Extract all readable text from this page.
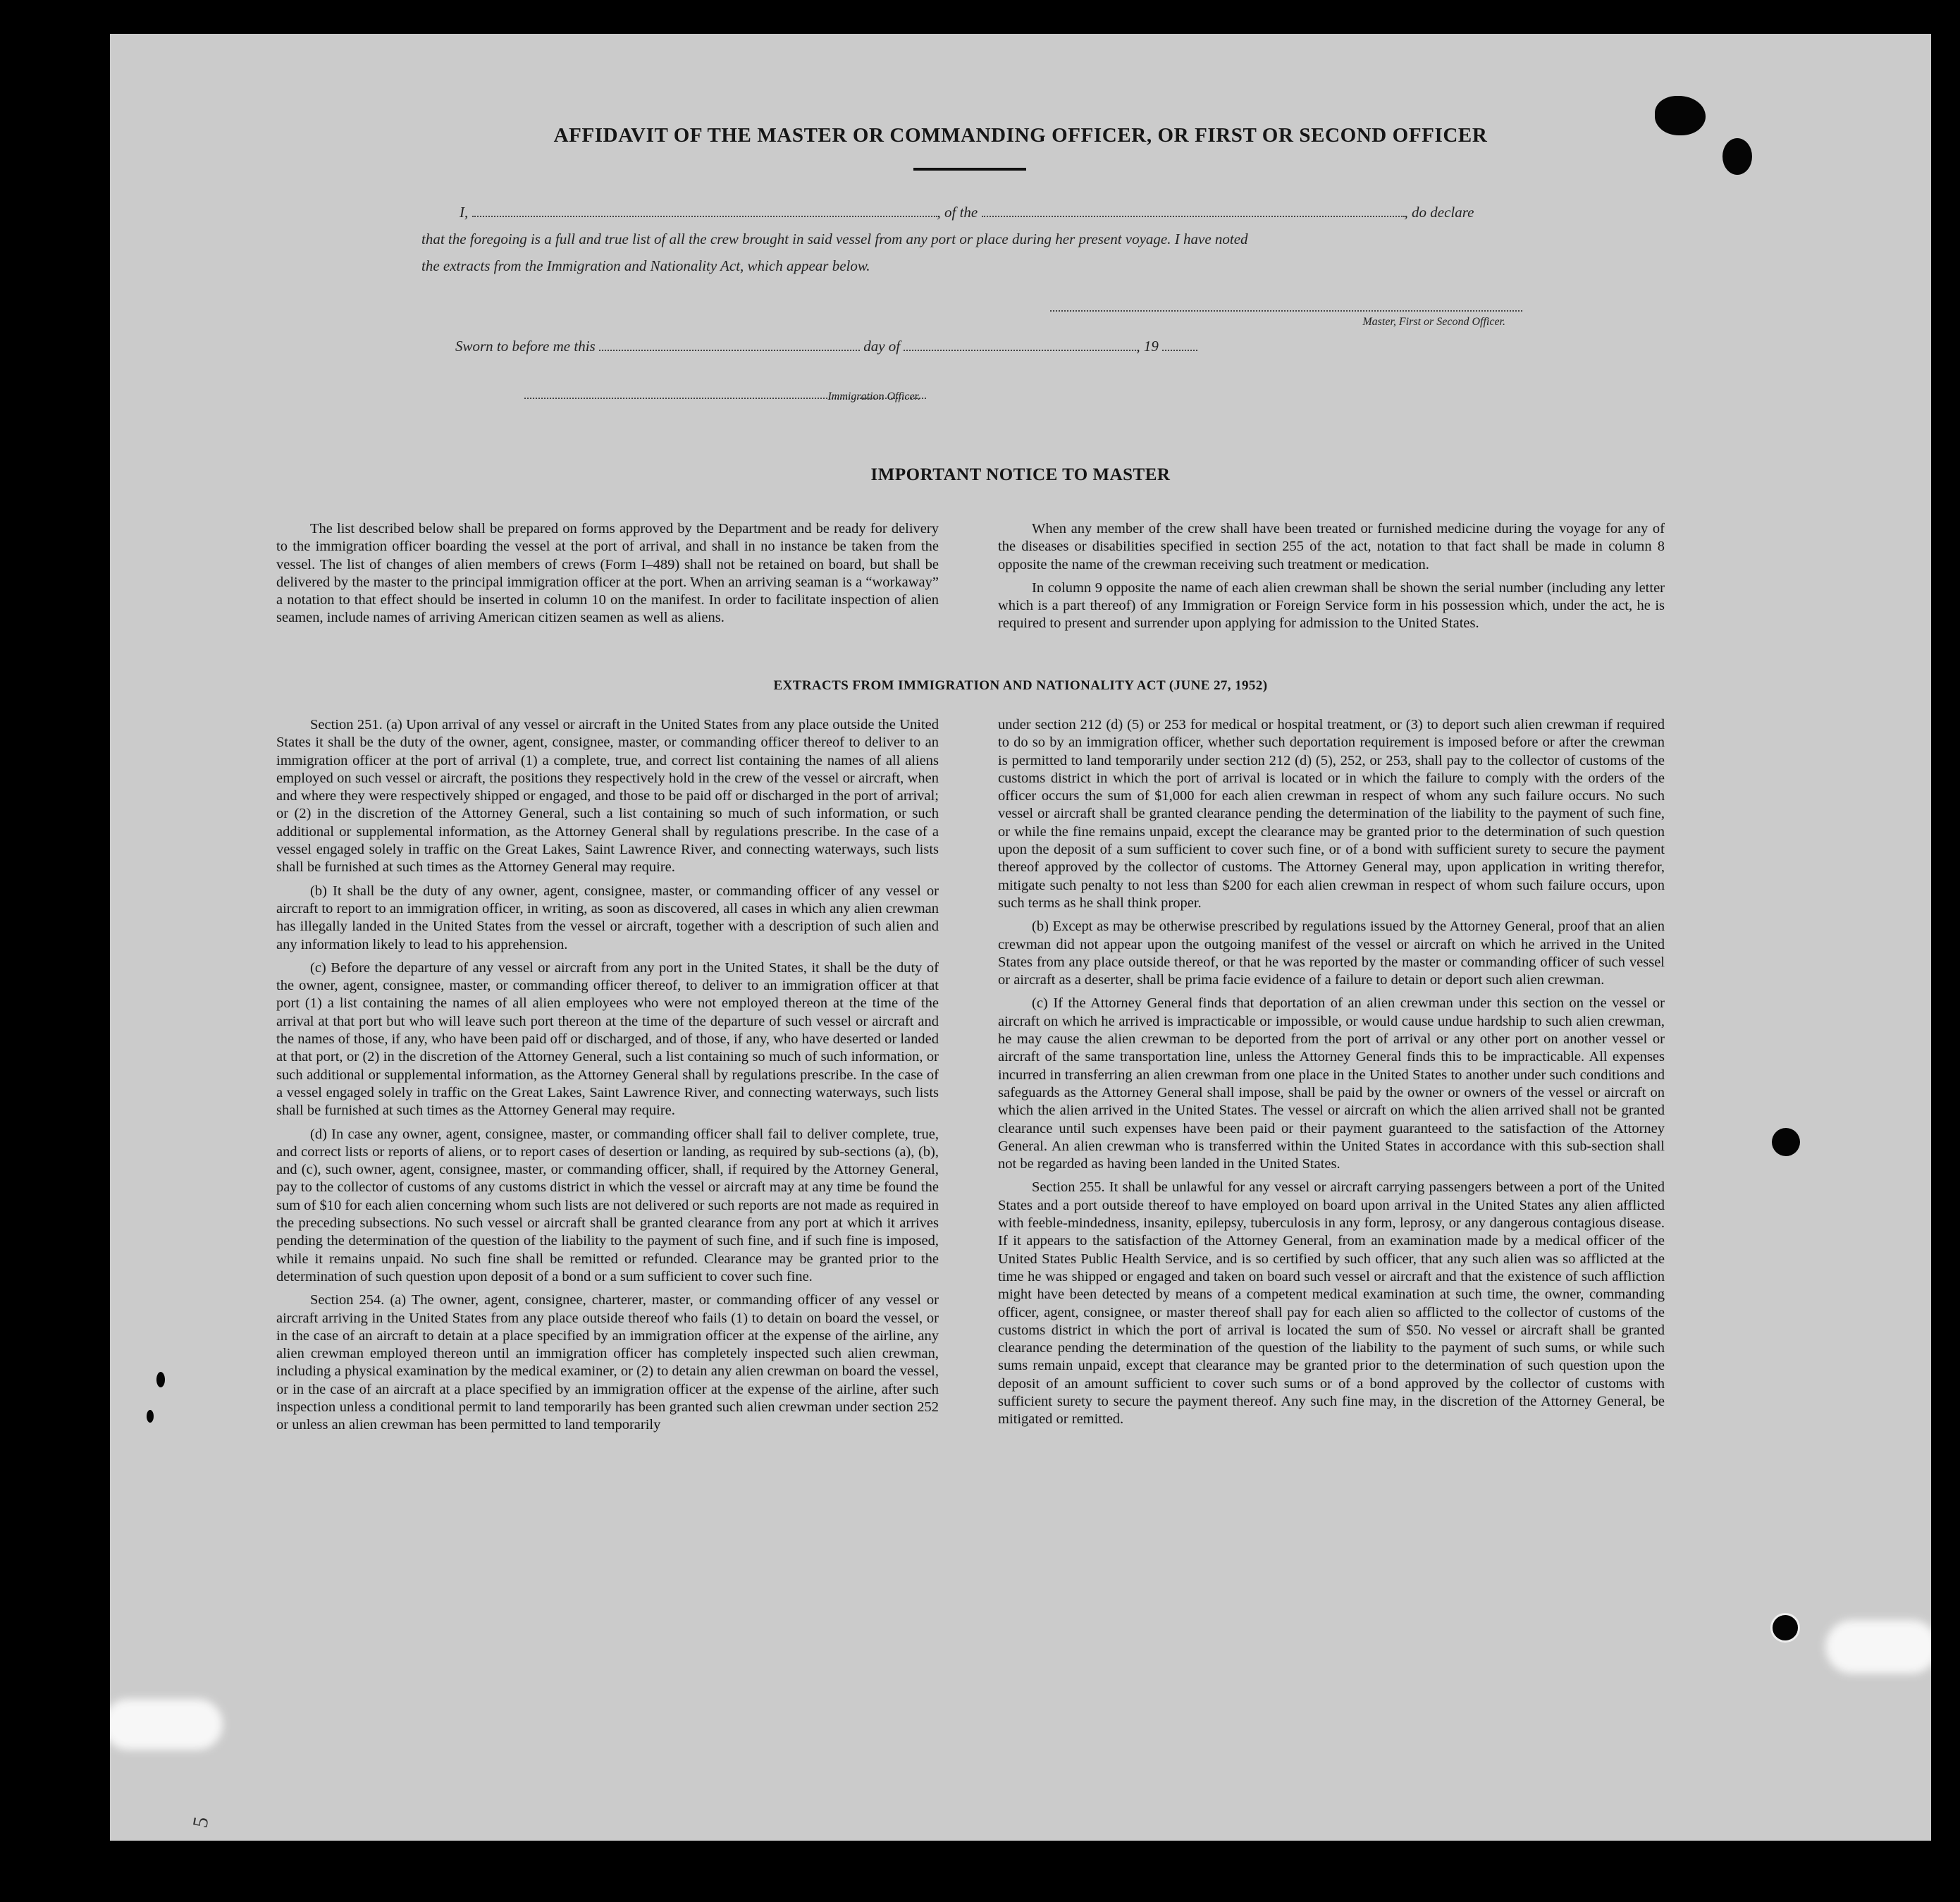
AFFIDAVIT OF THE MASTER OR COMMANDING OFFICER, OR FIRST OR SECOND OFFICER
I,	, of the	, do declare
that the foregoing is a full and true list of all the crew brought in said vessel from any port or place during her present voyage. I have noted
the extracts from the Immigration and Nationality Act, which appear below.
Master, First or Second Officer.
Sworn to before me this	day of	, 19
Immigration Officer.
IMPORTANT NOTICE TO MASTER

The list described below shall be prepared on forms approved by the Department and be ready for delivery to the immigration officer boarding the vessel at the port of arrival, and shall in no instance be taken from the vessel. The list of changes of alien members of crews (Form I–489) shall not be retained on board, but shall be delivered by the master to the principal immigration officer at the port. When an arriving seaman is a “workaway” a notation to that effect should be inserted in column 10 on the manifest. In order to facilitate inspection of alien seamen, include names of arriving American citizen seamen as well as aliens.

When any member of the crew shall have been treated or furnished medicine during the voyage for any of the diseases or disabilities specified in section 255 of the act, notation to that fact shall be made in column 8 opposite the name of the crewman receiving such treatment or medication.

In column 9 opposite the name of each alien crewman shall be shown the serial number (including any letter which is a part thereof) of any Immigration or Foreign Service form in his possession which, under the act, he is required to present and surrender upon applying for admission to the United States.

EXTRACTS FROM IMMIGRATION AND NATIONALITY ACT (JUNE 27, 1952)

Section 251. (a) Upon arrival of any vessel or aircraft in the United States from any place outside the United States it shall be the duty of the owner, agent, consignee, master, or commanding officer thereof to deliver to an immigration officer at the port of arrival (1) a complete, true, and correct list containing the names of all aliens employed on such vessel or aircraft, the positions they respectively hold in the crew of the vessel or aircraft, when and where they were respectively shipped or engaged, and those to be paid off or discharged in the port of arrival; or (2) in the discretion of the Attorney General, such a list containing so much of such information, or such additional or supplemental information, as the Attorney General shall by regulations prescribe. In the case of a vessel engaged solely in traffic on the Great Lakes, Saint Lawrence River, and connecting waterways, such lists shall be furnished at such times as the Attorney General may require.

(b) It shall be the duty of any owner, agent, consignee, master, or commanding officer of any vessel or aircraft to report to an immigration officer, in writing, as soon as discovered, all cases in which any alien crewman has illegally landed in the United States from the vessel or aircraft, together with a description of such alien and any information likely to lead to his apprehension.

(c) Before the departure of any vessel or aircraft from any port in the United States, it shall be the duty of the owner, agent, consignee, master, or commanding officer thereof, to deliver to an immigration officer at that port (1) a list containing the names of all alien employees who were not employed thereon at the time of the arrival at that port but who will leave such port thereon at the time of the departure of such vessel or aircraft and the names of those, if any, who have been paid off or discharged, and of those, if any, who have deserted or landed at that port, or (2) in the discretion of the Attorney General, such a list containing so much of such information, or such additional or supplemental information, as the Attorney General shall by regulations prescribe. In the case of a vessel engaged solely in traffic on the Great Lakes, Saint Lawrence River, and connecting waterways, such lists shall be furnished at such times as the Attorney General may require.

(d) In case any owner, agent, consignee, master, or commanding officer shall fail to deliver complete, true, and correct lists or reports of aliens, or to report cases of desertion or landing, as required by sub-sections (a), (b), and (c), such owner, agent, consignee, master, or commanding officer, shall, if required by the Attorney General, pay to the collector of customs of any customs district in which the vessel or aircraft may at any time be found the sum of $10 for each alien concerning whom such lists are not delivered or such reports are not made as required in the preceding subsections. No such vessel or aircraft shall be granted clearance from any port at which it arrives pending the determination of the question of the liability to the payment of such fine, and if such fine is imposed, while it remains unpaid. No such fine shall be remitted or refunded. Clearance may be granted prior to the determination of such question upon deposit of a bond or a sum sufficient to cover such fine.

Section 254. (a) The owner, agent, consignee, charterer, master, or commanding officer of any vessel or aircraft arriving in the United States from any place outside thereof who fails (1) to detain on board the vessel, or in the case of an aircraft to detain at a place specified by an immigration officer at the expense of the airline, any alien crewman employed thereon until an immigration officer has completely inspected such alien crewman, including a physical examination by the medical examiner, or (2) to detain any alien crewman on board the vessel, or in the case of an aircraft at a place specified by an immigration officer at the expense of the airline, after such inspection unless a conditional permit to land temporarily has been granted such alien crewman under section 252 or unless an alien crewman has been permitted to land temporarily

under section 212 (d) (5) or 253 for medical or hospital treatment, or (3) to deport such alien crewman if required to do so by an immigration officer, whether such deportation requirement is imposed before or after the crewman is permitted to land temporarily under section 212 (d) (5), 252, or 253, shall pay to the collector of customs of the customs district in which the port of arrival is located or in which the failure to comply with the orders of the officer occurs the sum of $1,000 for each alien crewman in respect of whom any such failure occurs. No such vessel or aircraft shall be granted clearance pending the determination of the liability to the payment of such fine, or while the fine remains unpaid, except the clearance may be granted prior to the determination of such question upon the deposit of a sum sufficient to cover such fine, or of a bond with sufficient surety to secure the payment thereof approved by the collector of customs. The Attorney General may, upon application in writing therefor, mitigate such penalty to not less than $200 for each alien crewman in respect of whom such failure occurs, upon such terms as he shall think proper.

(b) Except as may be otherwise prescribed by regulations issued by the Attorney General, proof that an alien crewman did not appear upon the outgoing manifest of the vessel or aircraft on which he arrived in the United States from any place outside thereof, or that he was reported by the master or commanding officer of such vessel or aircraft as a deserter, shall be prima facie evidence of a failure to detain or deport such alien crewman.

(c) If the Attorney General finds that deportation of an alien crewman under this section on the vessel or aircraft on which he arrived is impracticable or impossible, or would cause undue hardship to such alien crewman, he may cause the alien crewman to be deported from the port of arrival or any other port on another vessel or aircraft of the same transportation line, unless the Attorney General finds this to be impracticable. All expenses incurred in transferring an alien crewman from one place in the United States to another under such conditions and safeguards as the Attorney General shall impose, shall be paid by the owner or owners of the vessel or aircraft on which the alien arrived in the United States. The vessel or aircraft on which the alien arrived shall not be granted clearance until such expenses have been paid or their payment guaranteed to the satisfaction of the Attorney General. An alien crewman who is transferred within the United States in accordance with this sub-section shall not be regarded as having been landed in the United States.

Section 255. It shall be unlawful for any vessel or aircraft carrying passengers between a port of the United States and a port outside thereof to have employed on board upon arrival in the United States any alien afflicted with feeble-mindedness, insanity, epilepsy, tuberculosis in any form, leprosy, or any dangerous contagious disease. If it appears to the satisfaction of the Attorney General, from an examination made by a medical officer of the United States Public Health Service, and is so certified by such officer, that any such alien was so afflicted at the time he was shipped or engaged and taken on board such vessel or aircraft and that the existence of such affliction might have been detected by means of a competent medical examination at such time, the owner, commanding officer, agent, consignee, or master thereof shall pay for each alien so afflicted to the collector of customs of the customs district in which the port of arrival is located the sum of $50. No vessel or aircraft shall be granted clearance pending the determination of the question of the liability to the payment of such sums, or while such sums remain unpaid, except that clearance may be granted prior to the determination of such question upon the deposit of an amount sufficient to cover such sums or of a bond approved by the collector of customs with sufficient surety to secure the payment thereof. Any such fine may, in the discretion of the Attorney General, be mitigated or remitted.

5
